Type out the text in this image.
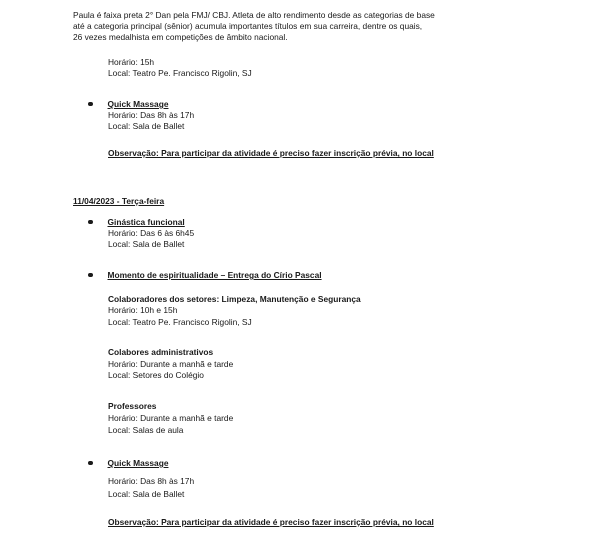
Paula é faixa preta 2° Dan pela FMJ/ CBJ. Atleta de alto rendimento desde as categorias de base
até a categoria principal (sênior) acumula importantes títulos em sua carreira, dentre os quais,
26 vezes medalhista em competições de âmbito nacional.
Horário: 15h
Local: Teatro Pe. Francisco Rigolin, SJ
Quick Massage
Horário: Das 8h às 17h
Local: Sala de Ballet
Observação: Para participar da atividade é preciso fazer inscrição prévia, no local
11/04/2023 - Terça-feira
Ginástica funcional
Horário: Das 6 às 6h45
Local: Sala de Ballet
Momento de espiritualidade – Entrega do Círio Pascal
Colaboradores dos setores: Limpeza, Manutenção e Segurança
Horário: 10h e 15h
Local: Teatro Pe. Francisco Rigolin, SJ
Colabores administrativos
Horário: Durante a manhã e tarde
Local: Setores do Colégio
Professores
Horário: Durante a manhã e tarde
Local: Salas de aula
Quick Massage
Horário: Das 8h às 17h
Local: Sala de Ballet
Observação: Para participar da atividade é preciso fazer inscrição prévia, no local
